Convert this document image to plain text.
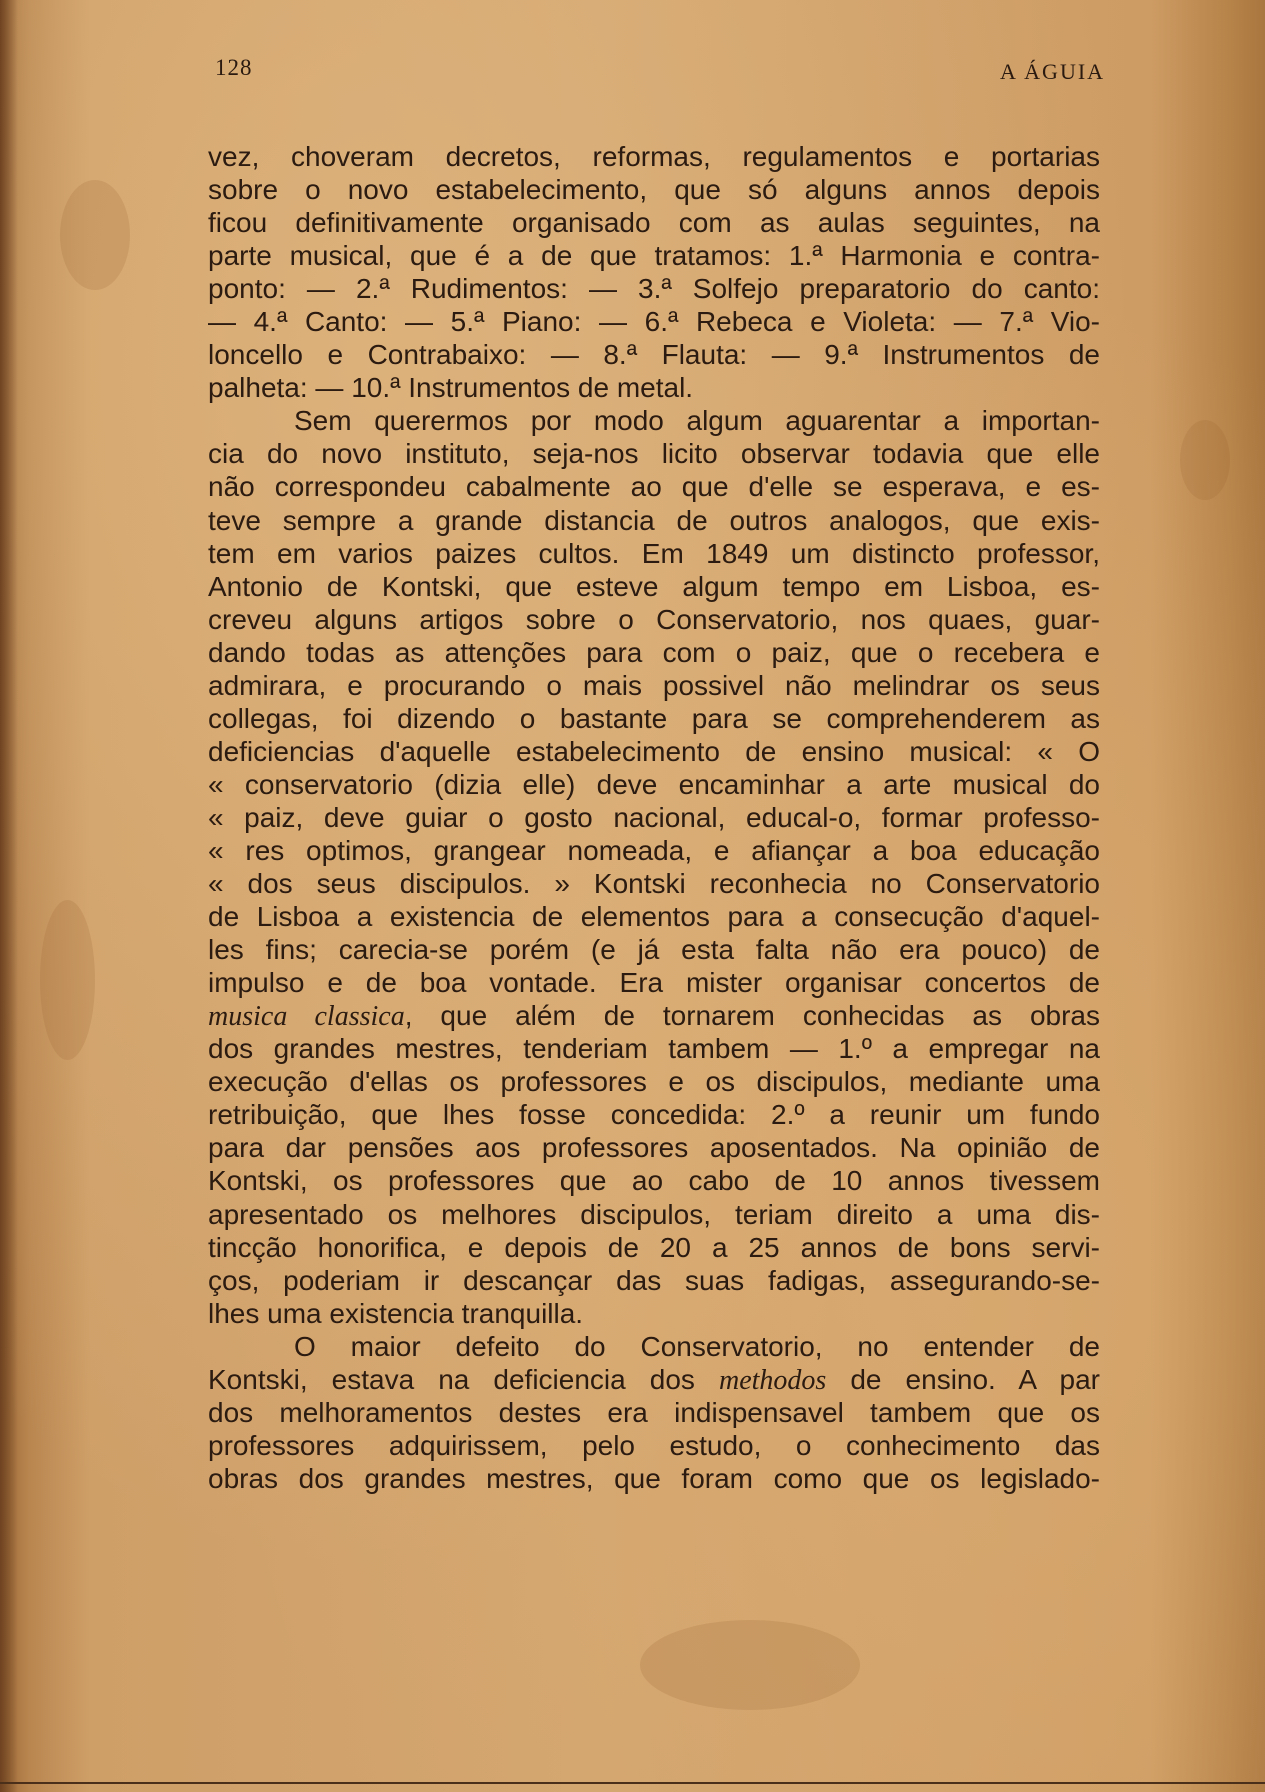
128	A ÁGUIA
vez, choveram decretos, reformas, regulamentos e portarias
sobre o novo estabelecimento, que só alguns annos depois
ficou definitivamente organisado com as aulas seguintes, na
parte musical, que é a de que tratamos: 1.ª Harmonia e contra-
ponto: — 2.ª Rudimentos: — 3.ª Solfejo preparatorio do canto:
— 4.ª Canto: — 5.ª Piano: — 6.ª Rebeca e Violeta: — 7.ª Vio-
loncello e Contrabaixo: — 8.ª Flauta: — 9.ª Instrumentos de
palheta: — 10.ª Instrumentos de metal.
Sem querermos por modo algum aguarentar a importan-
cia do novo instituto, seja-nos licito observar todavia que elle
não correspondeu cabalmente ao que d'elle se esperava, e es-
teve sempre a grande distancia de outros analogos, que exis-
tem em varios paizes cultos. Em 1849 um distincto professor,
Antonio de Kontski, que esteve algum tempo em Lisboa, es-
creveu alguns artigos sobre o Conservatorio, nos quaes, guar-
dando todas as attenções para com o paiz, que o recebera e
admirara, e procurando o mais possivel não melindrar os seus
collegas, foi dizendo o bastante para se comprehenderem as
deficiencias d'aquelle estabelecimento de ensino musical: « O
« conservatorio (dizia elle) deve encaminhar a arte musical do
« paiz, deve guiar o gosto nacional, educal-o, formar professo-
« res optimos, grangear nomeada, e afiançar a boa educação
« dos seus discipulos. » Kontski reconhecia no Conservatorio
de Lisboa a existencia de elementos para a consecução d'aquel-
les fins; carecia-se porém (e já esta falta não era pouco) de
impulso e de boa vontade. Era mister organisar concertos de
musica classica, que além de tornarem conhecidas as obras
dos grandes mestres, tenderiam tambem — 1.º a empregar na
execução d'ellas os professores e os discipulos, mediante uma
retribuição, que lhes fosse concedida: 2.º a reunir um fundo
para dar pensões aos professores aposentados. Na opinião de
Kontski, os professores que ao cabo de 10 annos tivessem
apresentado os melhores discipulos, teriam direito a uma dis-
tincção honorifica, e depois de 20 a 25 annos de bons servi-
ços, poderiam ir descançar das suas fadigas, assegurando-se-
lhes uma existencia tranquilla.
O maior defeito do Conservatorio, no entender de
Kontski, estava na deficiencia dos methodos de ensino. A par
dos melhoramentos destes era indispensavel tambem que os
professores adquirissem, pelo estudo, o conhecimento das
obras dos grandes mestres, que foram como que os legislado-
